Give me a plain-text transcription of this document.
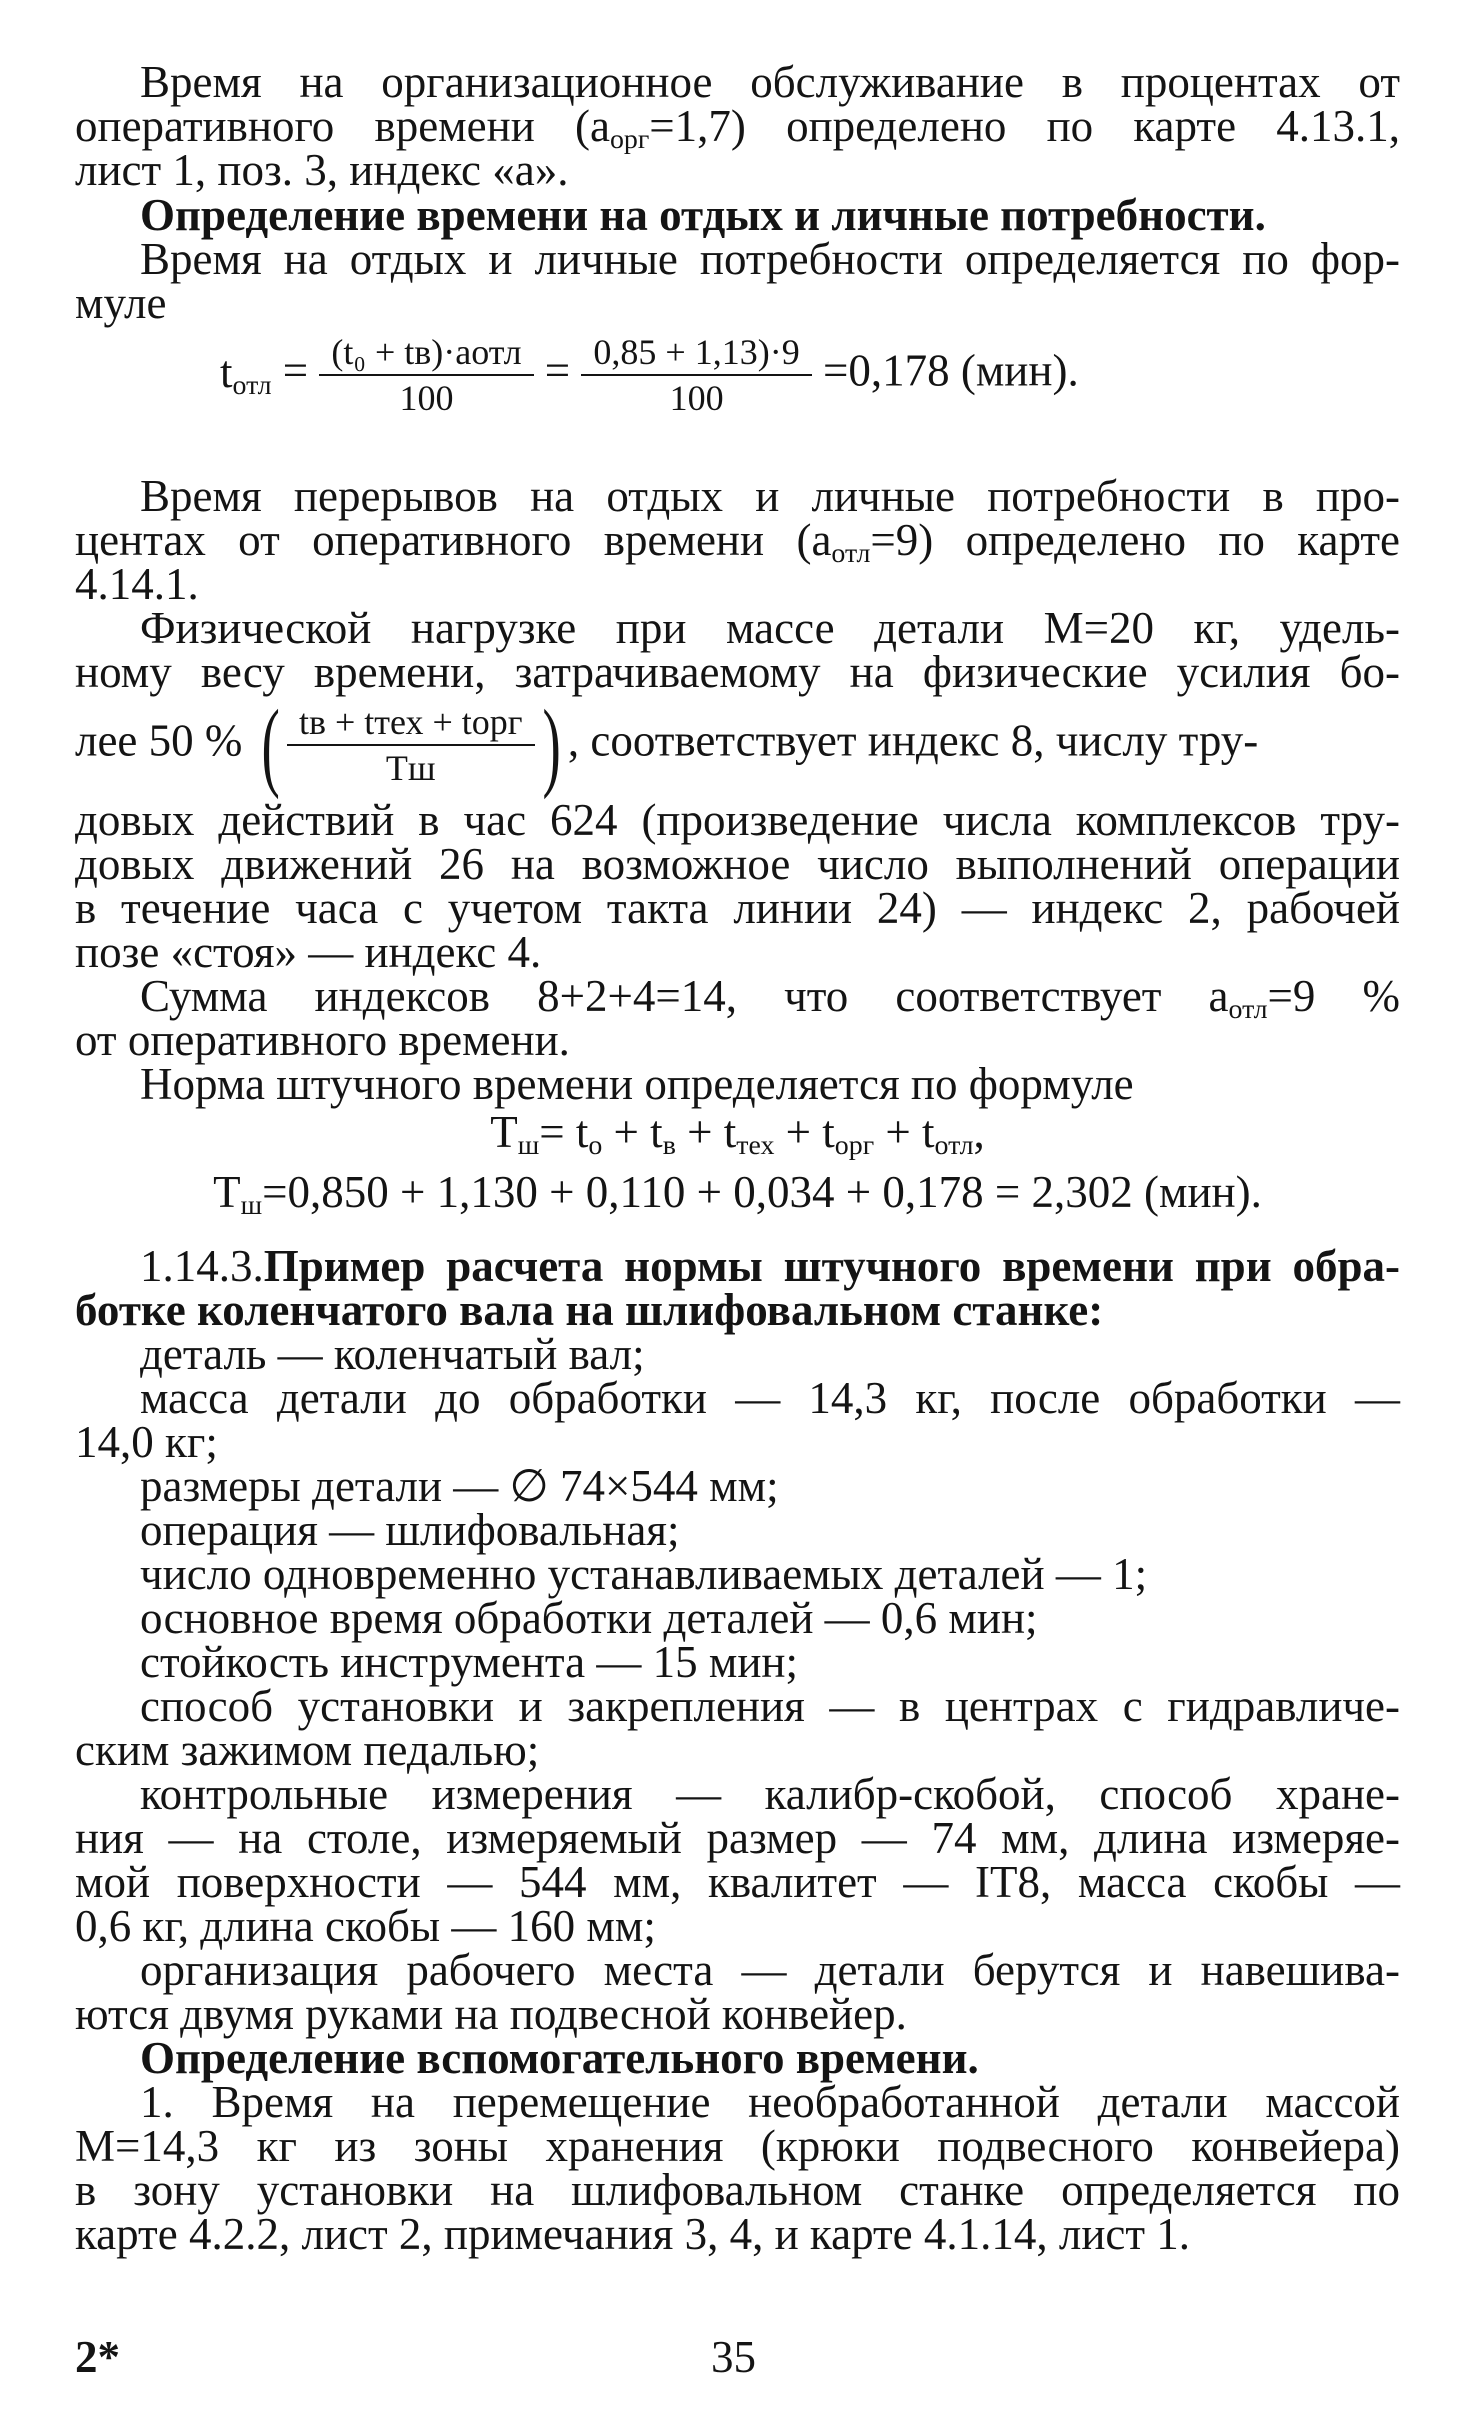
Время на организационное обслуживание в процентах от
оперативного времени $(a_{орг}=1,7)$ определено по карте 4.13.1,
лист 1, поз. 3, индекс «а».
Определение времени на отдых и личные потребности.
Время на отдых и личные потребности определяется по фор-
муле
$t_{отл} = \frac{\text{(t₀ + tв)·aотл}}{100} = \frac{0,85 + 1,13)\cdot 9}{100} =0,178$ (мин).
Время перерывов на отдых и личные потребности в про-
центах от оперативного времени $(a_{отл}=9)$ определено по карте
4.14.1.
Физической нагрузке при массе детали M=20 кг, удель-
ному весу времени, затрачиваемому на физические усилия бо-
лее 50 % ( $\frac{\text{tв + tтех + tорг}}{Тш}$ ) , соответствует индекс 8, числу тру-
довых действий в час 624 (произведение числа комплексов тру-
довых движений 26 на возможное число выполнений операции
в течение часа с учетом такта линии 24) — индекс 2, рабочей
позе «стоя» — индекс 4.
Сумма индексов 8+2+4=14, что соответствует $a_{отл}=9$ %
от оперативного времени.
Норма штучного времени определяется по формуле
$Т_ш= t_о + t_в + t_{тех} + t_{орг} + t_{отл}$,
$Т_ш=0,850 + 1,130 + 0,110 + 0,034 + 0,178 = 2,302$ (мин).
1.14.3.Пример расчета нормы штучного времени при обра-
ботке коленчатого вала на шлифовальном станке:
деталь — коленчатый вал;
масса детали до обработки — 14,3 кг, после обработки —
14,0 кг;
размеры детали — ∅ 74×544 мм;
операция — шлифовальная;
число одновременно устанавливаемых деталей — 1;
основное время обработки деталей — 0,6 мин;
стойкость инструмента — 15 мин;
способ установки и закрепления — в центрах с гидравличе-
ским зажимом педалью;
контрольные измерения — калибр-скобой, способ хране-
ния — на столе, измеряемый размер — 74 мм, длина измеряе-
мой поверхности — 544 мм, квалитет — IT8, масса скобы —
0,6 кг, длина скобы — 160 мм;
организация рабочего места — детали берутся и навешива-
ются двумя руками на подвесной конвейер.
Определение вспомогательного времени.
1. Время на перемещение необработанной детали массой
M=14,3 кг из зоны хранения (крюки подвесного конвейера)
в зону установки на шлифовальном станке определяется по
карте 4.2.2, лист 2, примечания 3, 4, и карте 4.1.14, лист 1.
2*	35
